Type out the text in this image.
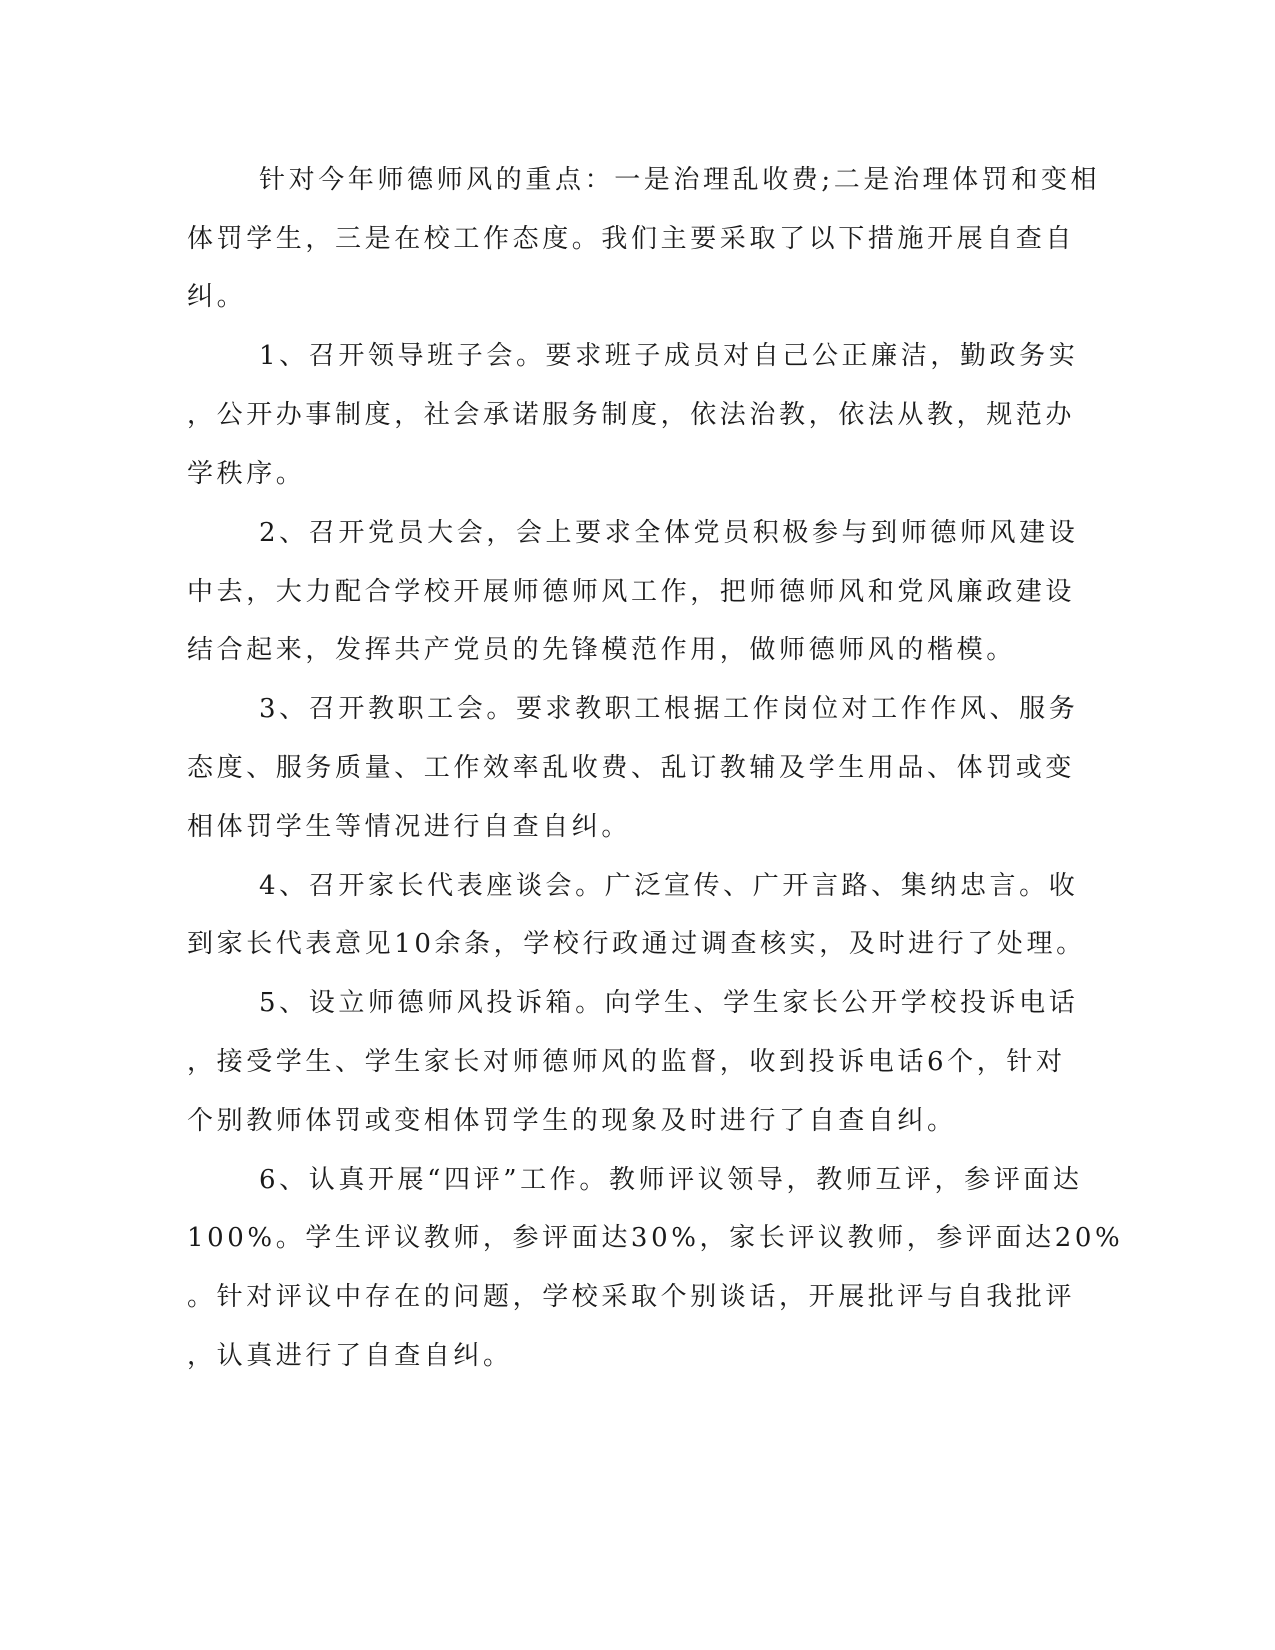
针对今年师德师风的重点：一是治理乱收费;二是治理体罚和变相
体罚学生，三是在校工作态度。我们主要采取了以下措施开展自查自
纠。
1、召开领导班子会。要求班子成员对自己公正廉洁，勤政务实
，公开办事制度，社会承诺服务制度，依法治教，依法从教，规范办
学秩序。
2、召开党员大会，会上要求全体党员积极参与到师德师风建设
中去，大力配合学校开展师德师风工作，把师德师风和党风廉政建设
结合起来，发挥共产党员的先锋模范作用，做师德师风的楷模。
3、召开教职工会。要求教职工根据工作岗位对工作作风、服务
态度、服务质量、工作效率乱收费、乱订教辅及学生用品、体罚或变
相体罚学生等情况进行自查自纠。
4、召开家长代表座谈会。广泛宣传、广开言路、集纳忠言。收
到家长代表意见10余条，学校行政通过调查核实，及时进行了处理。
5、设立师德师风投诉箱。向学生、学生家长公开学校投诉电话
，接受学生、学生家长对师德师风的监督，收到投诉电话6个，针对
个别教师体罚或变相体罚学生的现象及时进行了自查自纠。
6、认真开展“四评”工作。教师评议领导，教师互评，参评面达
100%。学生评议教师，参评面达30%，家长评议教师，参评面达20%
。针对评议中存在的问题，学校采取个别谈话，开展批评与自我批评
，认真进行了自查自纠。
